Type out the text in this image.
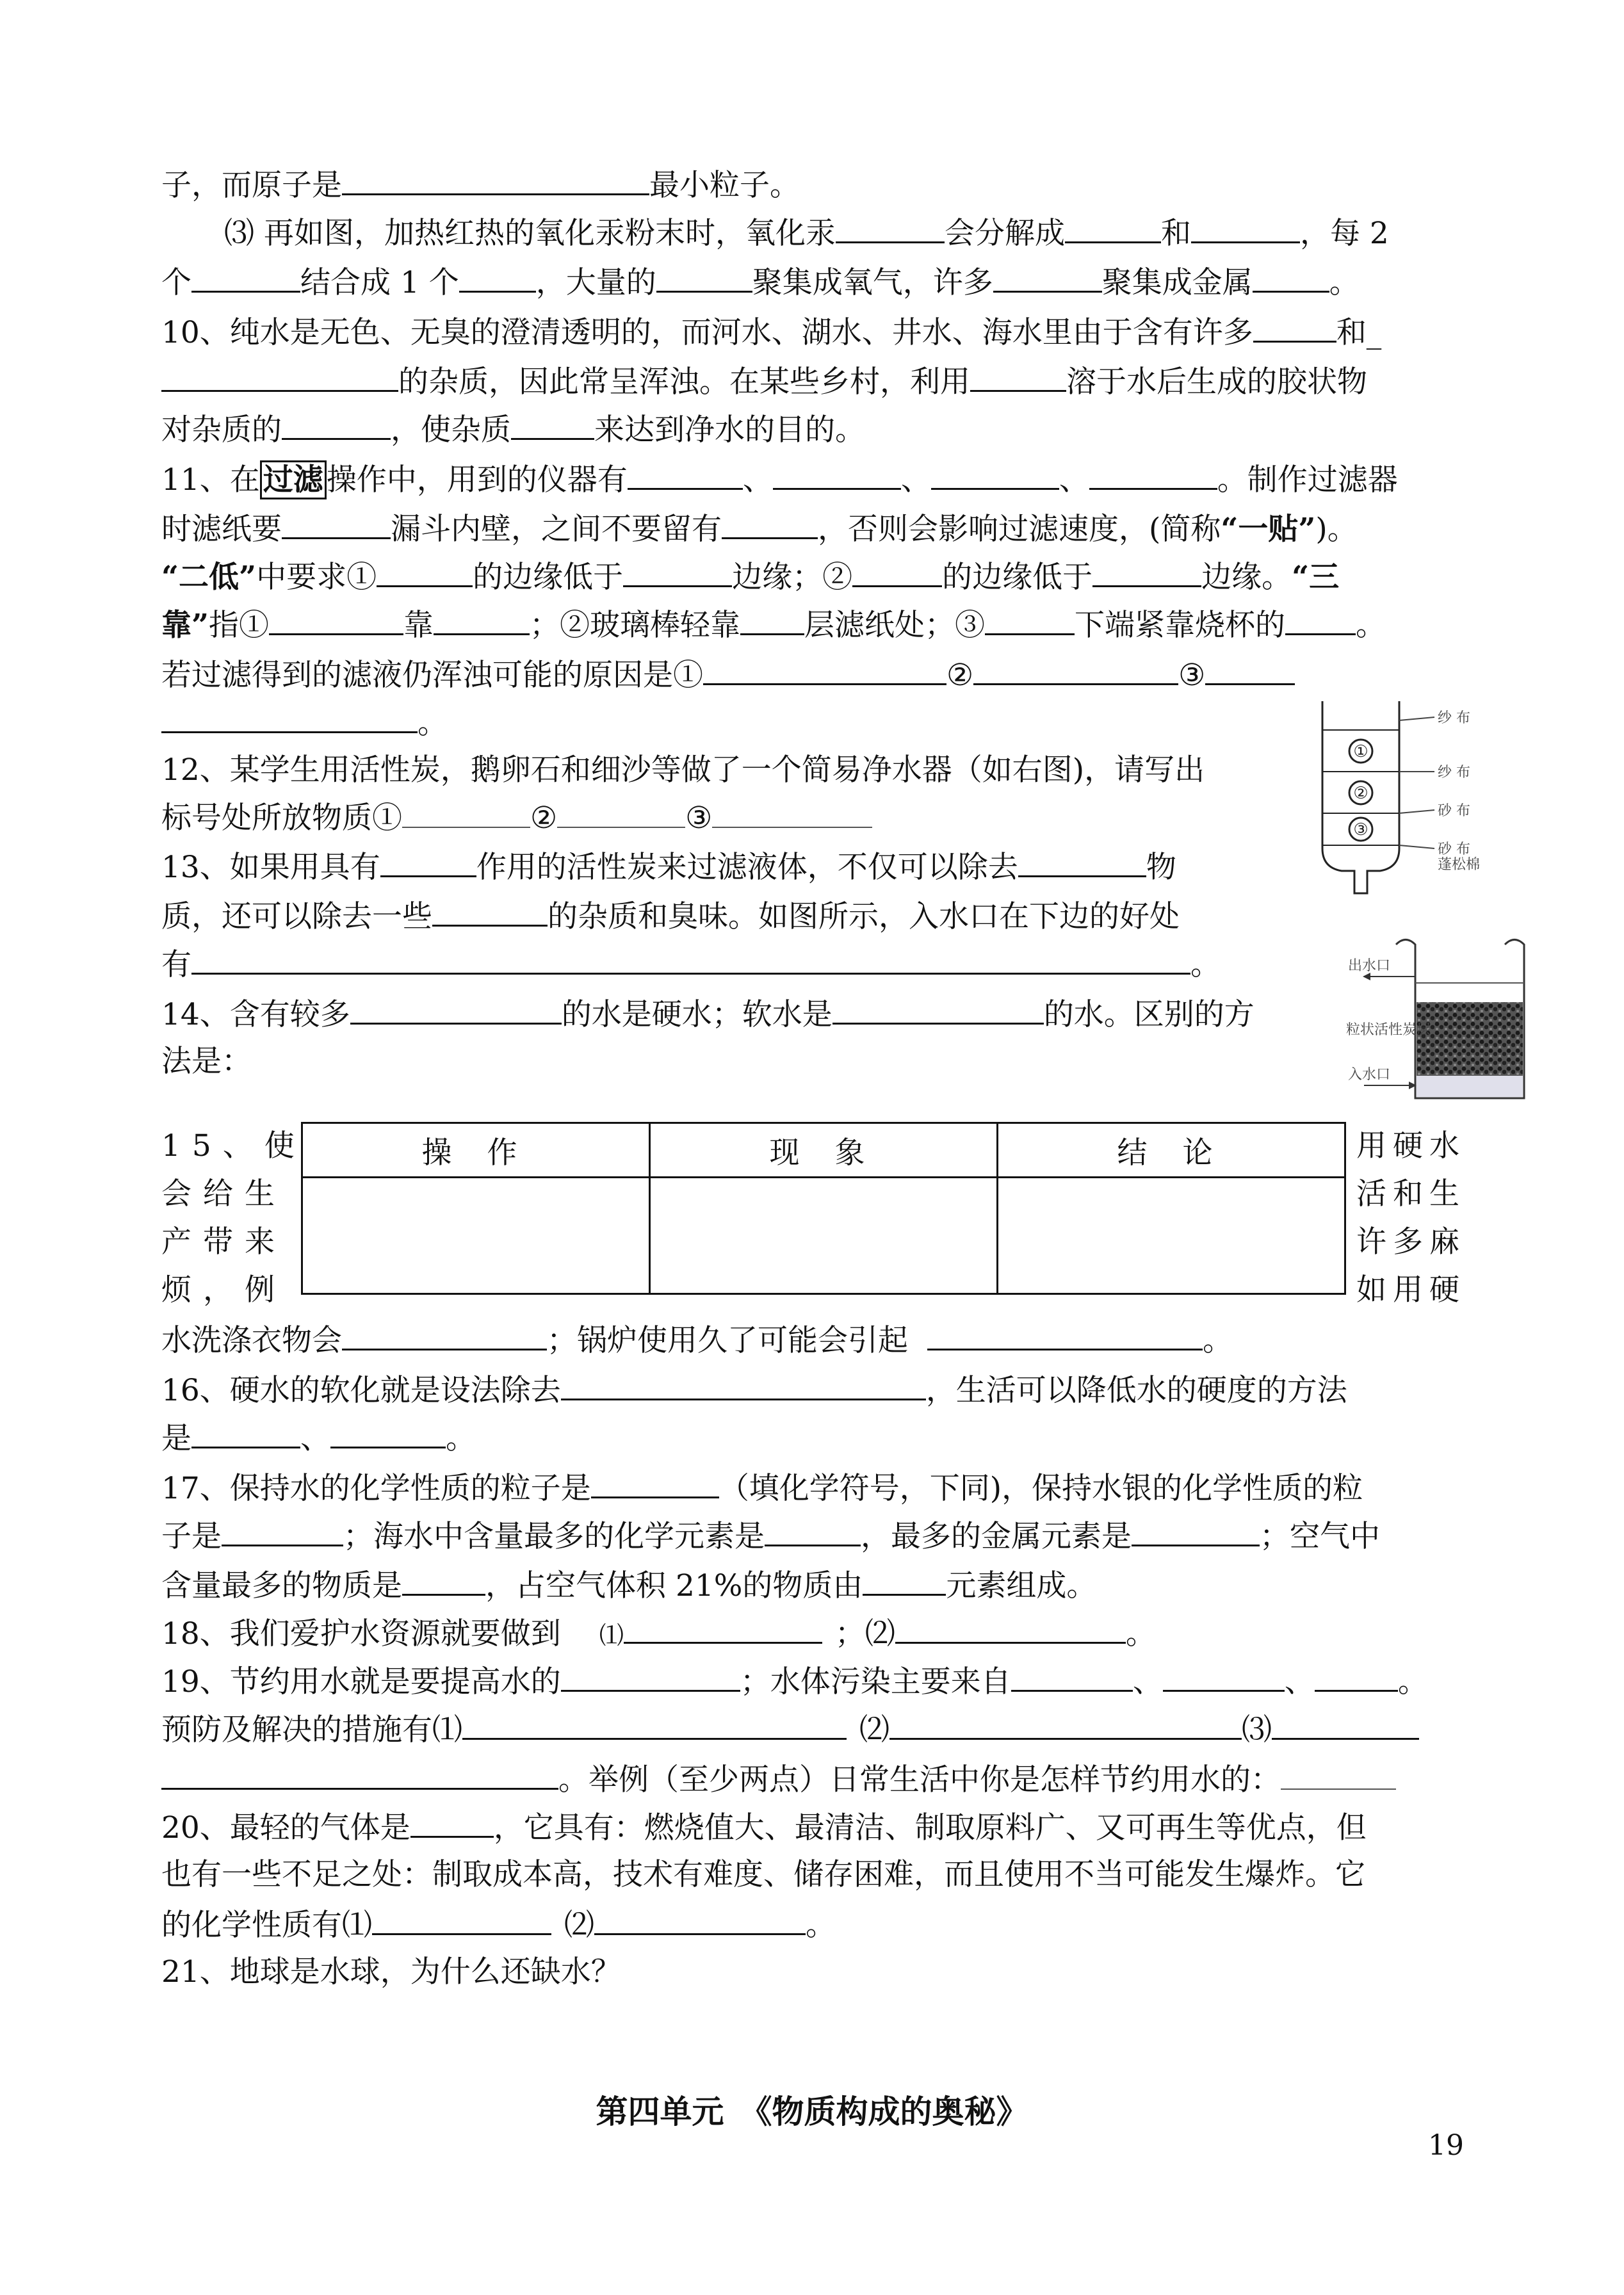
子，而原子是	最小粒子。
⑶ 再如图，加热红热的氧化汞粉末时，氧化汞	会分解成	和	，每 2
个	结合成 1 个	，大量的	聚集成氧气，许多	聚集成金属	。
10、纯水是无色、无臭的澄清透明的，而河水、湖水、井水、海水里由于含有许多	和_
的杂质，因此常呈浑浊。在某些乡村，利用	溶于水后生成的胶状物
对杂质的	，使杂质	来达到净水的目的。
11、在 过滤 操作中，用到的仪器有	、	、	、	。制作过滤器
时滤纸要	漏斗内壁，之间不要留有	，否则会影响过滤速度，(简称“一贴”)。
“二低”中要求①	的边缘低于	边缘；②	的边缘低于	边缘。“三
靠”指①	靠	；②玻璃棒轻靠 层滤纸处；③	下端紧靠烧杯的 。
若过滤得到的滤液仍浑浊可能的原因是①	②	③
。
12、某学生用活性炭，鹅卵石和细沙等做了一个简易净水器（如右图)，请写出
标号处所放物质①	②	③
13、如果用具有	作用的活性炭来过滤液体，不仅可以除去	物
质，还可以除去一些	的杂质和臭味。如图所示，入水口在下边的好处
有	。
14、含有较多	的水是硬水；软水是	的水。区别的方
法是：
15、使
会给生
产带来
烦，例
用硬水
活和生
许多麻
如用硬
操 作	现 象	结 论

水洗涤衣物会	；锅炉使用久了可能会引起	。
16、硬水的软化就是设法除去	，生活可以降低水的硬度的方法
是	、	。
17、保持水的化学性质的粒子是	（填化学符号，下同)，保持水银的化学性质的粒
子是	；海水中含量最多的化学元素是	，最多的金属元素是	；空气中
含量最多的物质是	，占空气体积 21%的物质由	元素组成。
18、我们爱护水资源就要做到 ⑴	；⑵	。
19、节约用水就是要提高水的	；水体污染主要来自	、	、	。
预防及解决的措施有⑴	⑵	⑶
。举例（至少两点）日常生活中你是怎样节约用水的：
20、最轻的气体是	，它具有：燃烧值大、最清洁、制取原料广、又可再生等优点，但
也有一些不足之处：制取成本高，技术有难度、储存困难，而且使用不当可能发生爆炸。它
的化学性质有⑴	⑵	。
21、地球是水球，为什么还缺水？
第四单元　《物质构成的奥秘》
19
①
②
③
纱 布
纱 布
砂 布
砂 布
蓬松棉
出水口
粒状活性炭层
入水口
